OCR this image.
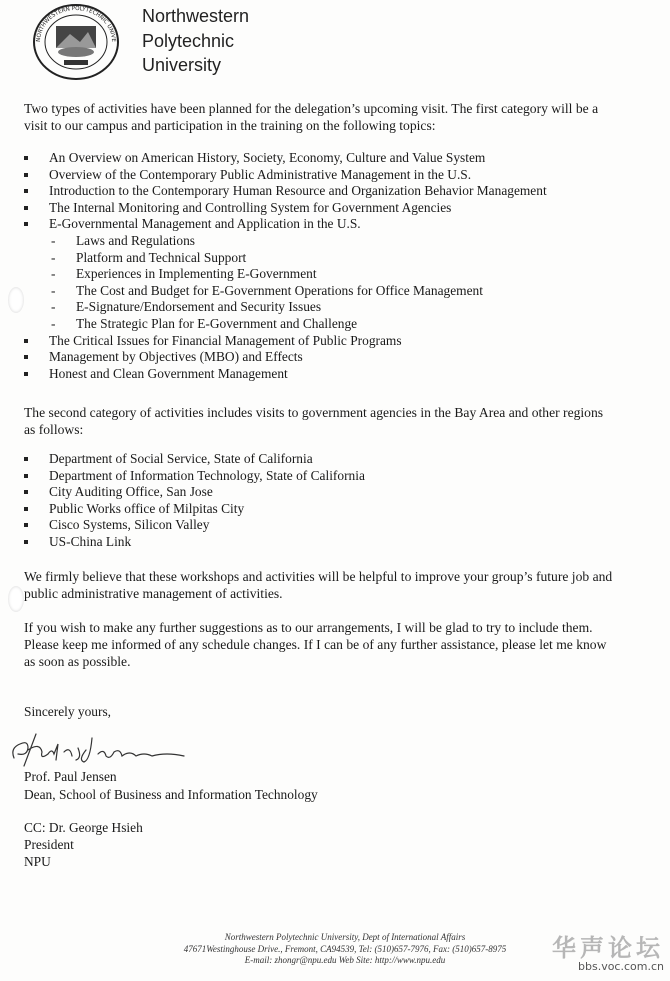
NORTHWESTERN POLYTECHNIC UNIVE
Northwestern
Polytechnic
University
Two types of activities have been planned for the delegation’s upcoming visit. The first category will be a
visit to our campus and participation in the training on the following topics:
An Overview on American History, Society, Economy, Culture and Value System
Overview of the Contemporary Public Administrative Management in the U.S.
Introduction to the Contemporary Human Resource and Organization Behavior Management
The Internal Monitoring and Controlling System for Government Agencies
E-Governmental Management and Application in the U.S.
- Laws and Regulations
- Platform and Technical Support
- Experiences in Implementing E-Government
- The Cost and Budget for E-Government Operations for Office Management
- E-Signature/Endorsement and Security Issues
- The Strategic Plan for E-Government and Challenge
The Critical Issues for Financial Management of Public Programs
Management by Objectives (MBO) and Effects
Honest and Clean Government Management
The second category of activities includes visits to government agencies in the Bay Area and other regions
as follows:
Department of Social Service, State of California
Department of Information Technology, State of California
City Auditing Office, San Jose
Public Works office of Milpitas City
Cisco Systems, Silicon Valley
US-China Link
We firmly believe that these workshops and activities will be helpful to improve your group’s future job and
public administrative management of activities.
If you wish to make any further suggestions as to our arrangements, I will be glad to try to include them.
Please keep me informed of any schedule changes. If I can be of any further assistance, please let me know
as soon as possible.
Sincerely yours,
Paul S. J. Jensen
Prof. Paul Jensen
Dean, School of Business and Information Technology
CC: Dr. George Hsieh
President
NPU
Northwestern Polytechnic University, Dept of International Affairs
47671Westinghouse Drive., Fremont, CA94539, Tel: (510)657-7976, Fax: (510)657-8975
E-mail: zhongr@npu.edu Web Site: http://www.npu.edu	华声论坛
bbs.voc.com.cn
